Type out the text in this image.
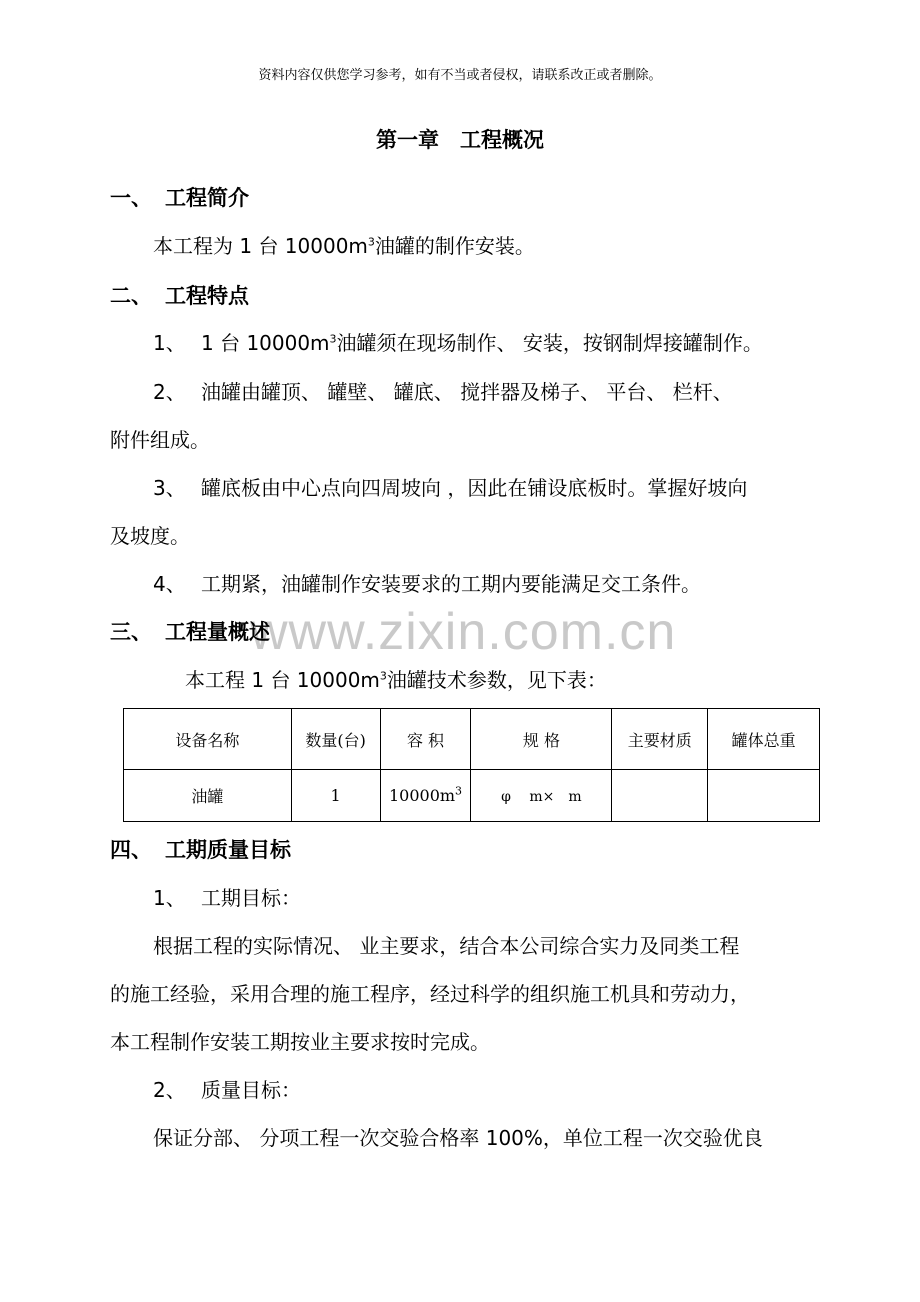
资料内容仅供您学习参考，如有不当或者侵权，请联系改正或者删除。
第一章　工程概况
www.zixin.com.cn
一、 工程简介
本工程为 1 台 $10000m^3$油罐的制作安装。
二、 工程特点
1、 1 台 $10000m^3$油罐须在现场制作、 安装，按钢制焊接罐制作。
2、 油罐由罐顶、 罐壁、 罐底、 搅拌器及梯子、 平台、 栏杆、
附件组成。
3、 罐底板由中心点向四周坡向 ，因此在铺设底板时。掌握好坡向
及坡度。
4、 工期紧，油罐制作安装要求的工期内要能满足交工条件。
三、 工程量概述
本工程 1 台 $10000m^3$油罐技术参数，见下表：
设备名称	数量(台)	容 积	规 格	主要材质	罐体总重
油罐	1	$10000m^3$	φ　 m×　m		
四、 工期质量目标
1、 工期目标：
根据工程的实际情况、 业主要求，结合本公司综合实力及同类工程
的施工经验，采用合理的施工程序，经过科学的组织施工机具和劳动力，
本工程制作安装工期按业主要求按时完成。
2、 质量目标：
保证分部、 分项工程一次交验合格率 100%，单位工程一次交验优良
